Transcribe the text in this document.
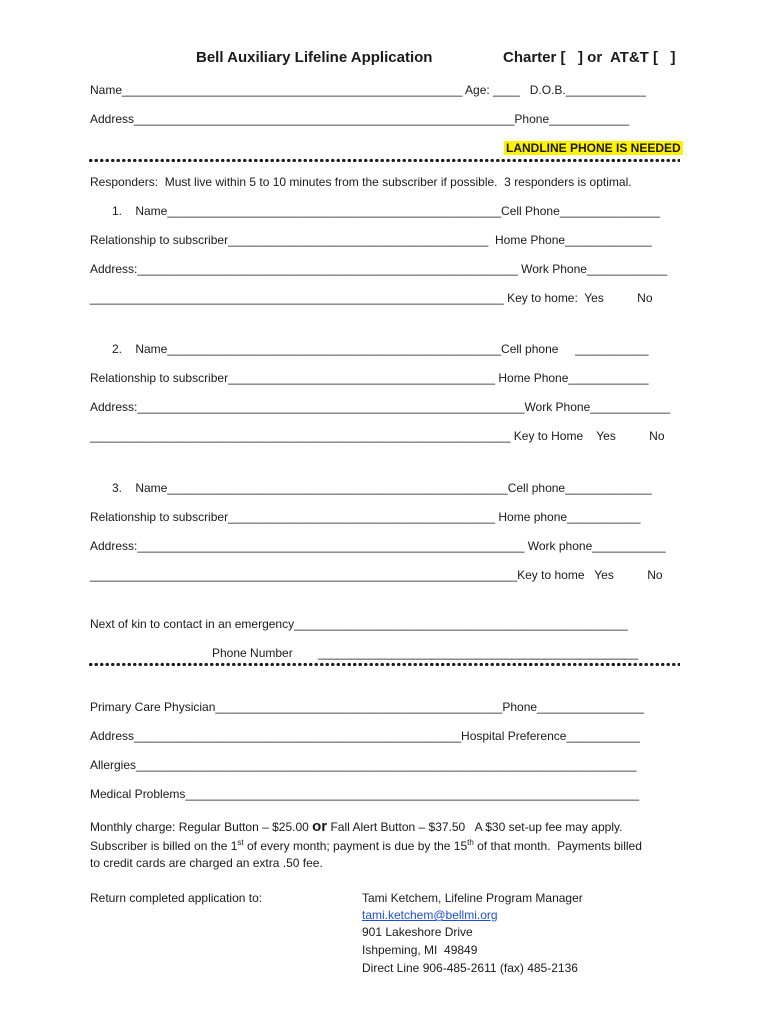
Bell Auxiliary Lifeline Application	Charter [   ] or  AT&T [   ]
Name___________________________________________________ Age: ____   D.O.B.____________
Address_________________________________________________________Phone____________
LANDLINE PHONE IS NEEDED
Responders:  Must live within 5 to 10 minutes from the subscriber if possible.  3 responders is optimal.
1.    Name__________________________________________________Cell Phone_______________
Relationship to subscriber_______________________________________  Home Phone_____________
Address:_________________________________________________________ Work Phone____________
______________________________________________________________ Key to home:  Yes          No
2.    Name__________________________________________________Cell phone     ___________
Relationship to subscriber________________________________________ Home Phone____________
Address:__________________________________________________________Work Phone____________
_______________________________________________________________ Key to Home    Yes          No
3.    Name___________________________________________________Cell phone_____________
Relationship to subscriber________________________________________ Home phone___________
Address:__________________________________________________________ Work phone___________
________________________________________________________________Key to home   Yes          No
Next of kin to contact in an emergency__________________________________________________
Phone Number ________________________________________________
Primary Care Physician___________________________________________Phone________________
Address_________________________________________________Hospital Preference___________
Allergies___________________________________________________________________________
Medical Problems____________________________________________________________________
Monthly charge: Regular Button – $25.00 or Fall Alert Button – $37.50   A $30 set-up fee may apply.
Subscriber is billed on the 1st of every month; payment is due by the 15th of that month.  Payments billed
to credit cards are charged an extra .50 fee.
Return completed application to:	Tami Ketchem, Lifeline Program Manager
tami.ketchem@bellmi.org
901 Lakeshore Drive
Ishpeming, MI  49849
Direct Line 906-485-2611 (fax) 485-2136
